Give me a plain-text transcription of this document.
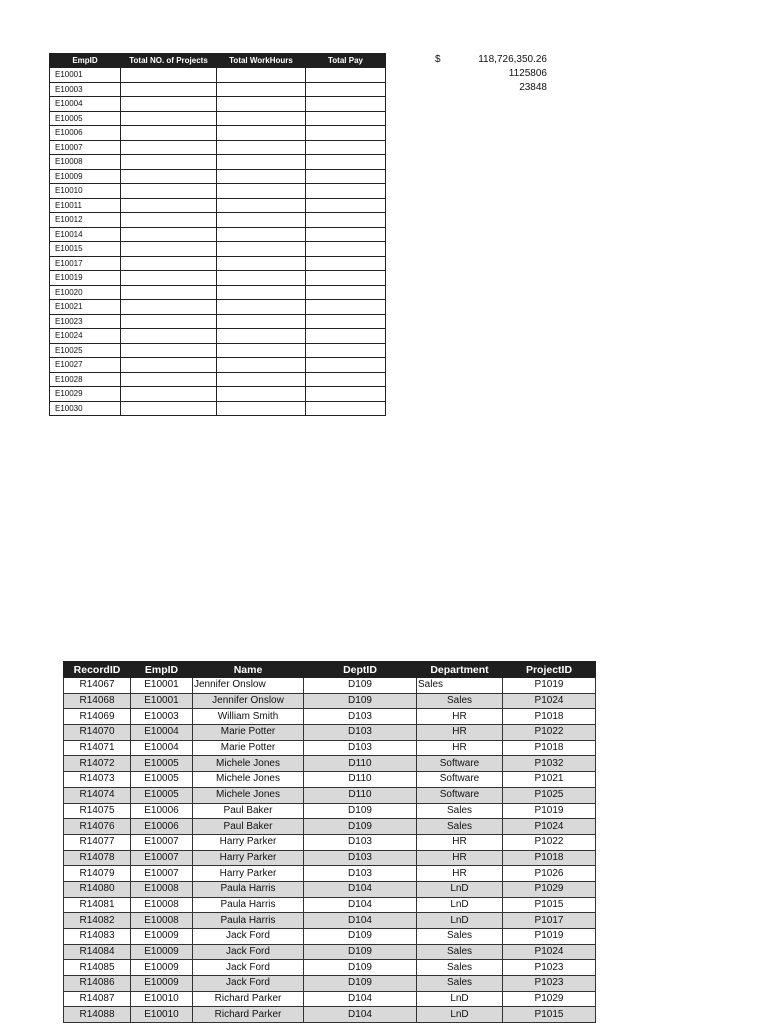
EmpID	Total NO. of Projects	Total WorkHours	Total Pay
E10001			
E10003			
E10004			
E10005			
E10006			
E10007			
E10008			
E10009			
E10010			
E10011			
E10012			
E10014			
E10015			
E10017			
E10019			
E10020			
E10021			
E10023			
E10024			
E10025			
E10027			
E10028			
E10029			
E10030			
$	118,726,350.26
1125806
23848
RecordID	EmpID	Name	DeptID	Department	ProjectID
R14067	E10001	Jennifer Onslow	D109	Sales	P1019
R14068	E10001	Jennifer Onslow	D109	Sales	P1024
R14069	E10003	William Smith	D103	HR	P1018
R14070	E10004	Marie Potter	D103	HR	P1022
R14071	E10004	Marie Potter	D103	HR	P1018
R14072	E10005	Michele Jones	D110	Software	P1032
R14073	E10005	Michele Jones	D110	Software	P1021
R14074	E10005	Michele Jones	D110	Software	P1025
R14075	E10006	Paul Baker	D109	Sales	P1019
R14076	E10006	Paul Baker	D109	Sales	P1024
R14077	E10007	Harry Parker	D103	HR	P1022
R14078	E10007	Harry Parker	D103	HR	P1018
R14079	E10007	Harry Parker	D103	HR	P1026
R14080	E10008	Paula Harris	D104	LnD	P1029
R14081	E10008	Paula Harris	D104	LnD	P1015
R14082	E10008	Paula Harris	D104	LnD	P1017
R14083	E10009	Jack Ford	D109	Sales	P1019
R14084	E10009	Jack Ford	D109	Sales	P1024
R14085	E10009	Jack Ford	D109	Sales	P1023
R14086	E10009	Jack Ford	D109	Sales	P1023
R14087	E10010	Richard Parker	D104	LnD	P1029
R14088	E10010	Richard Parker	D104	LnD	P1015
